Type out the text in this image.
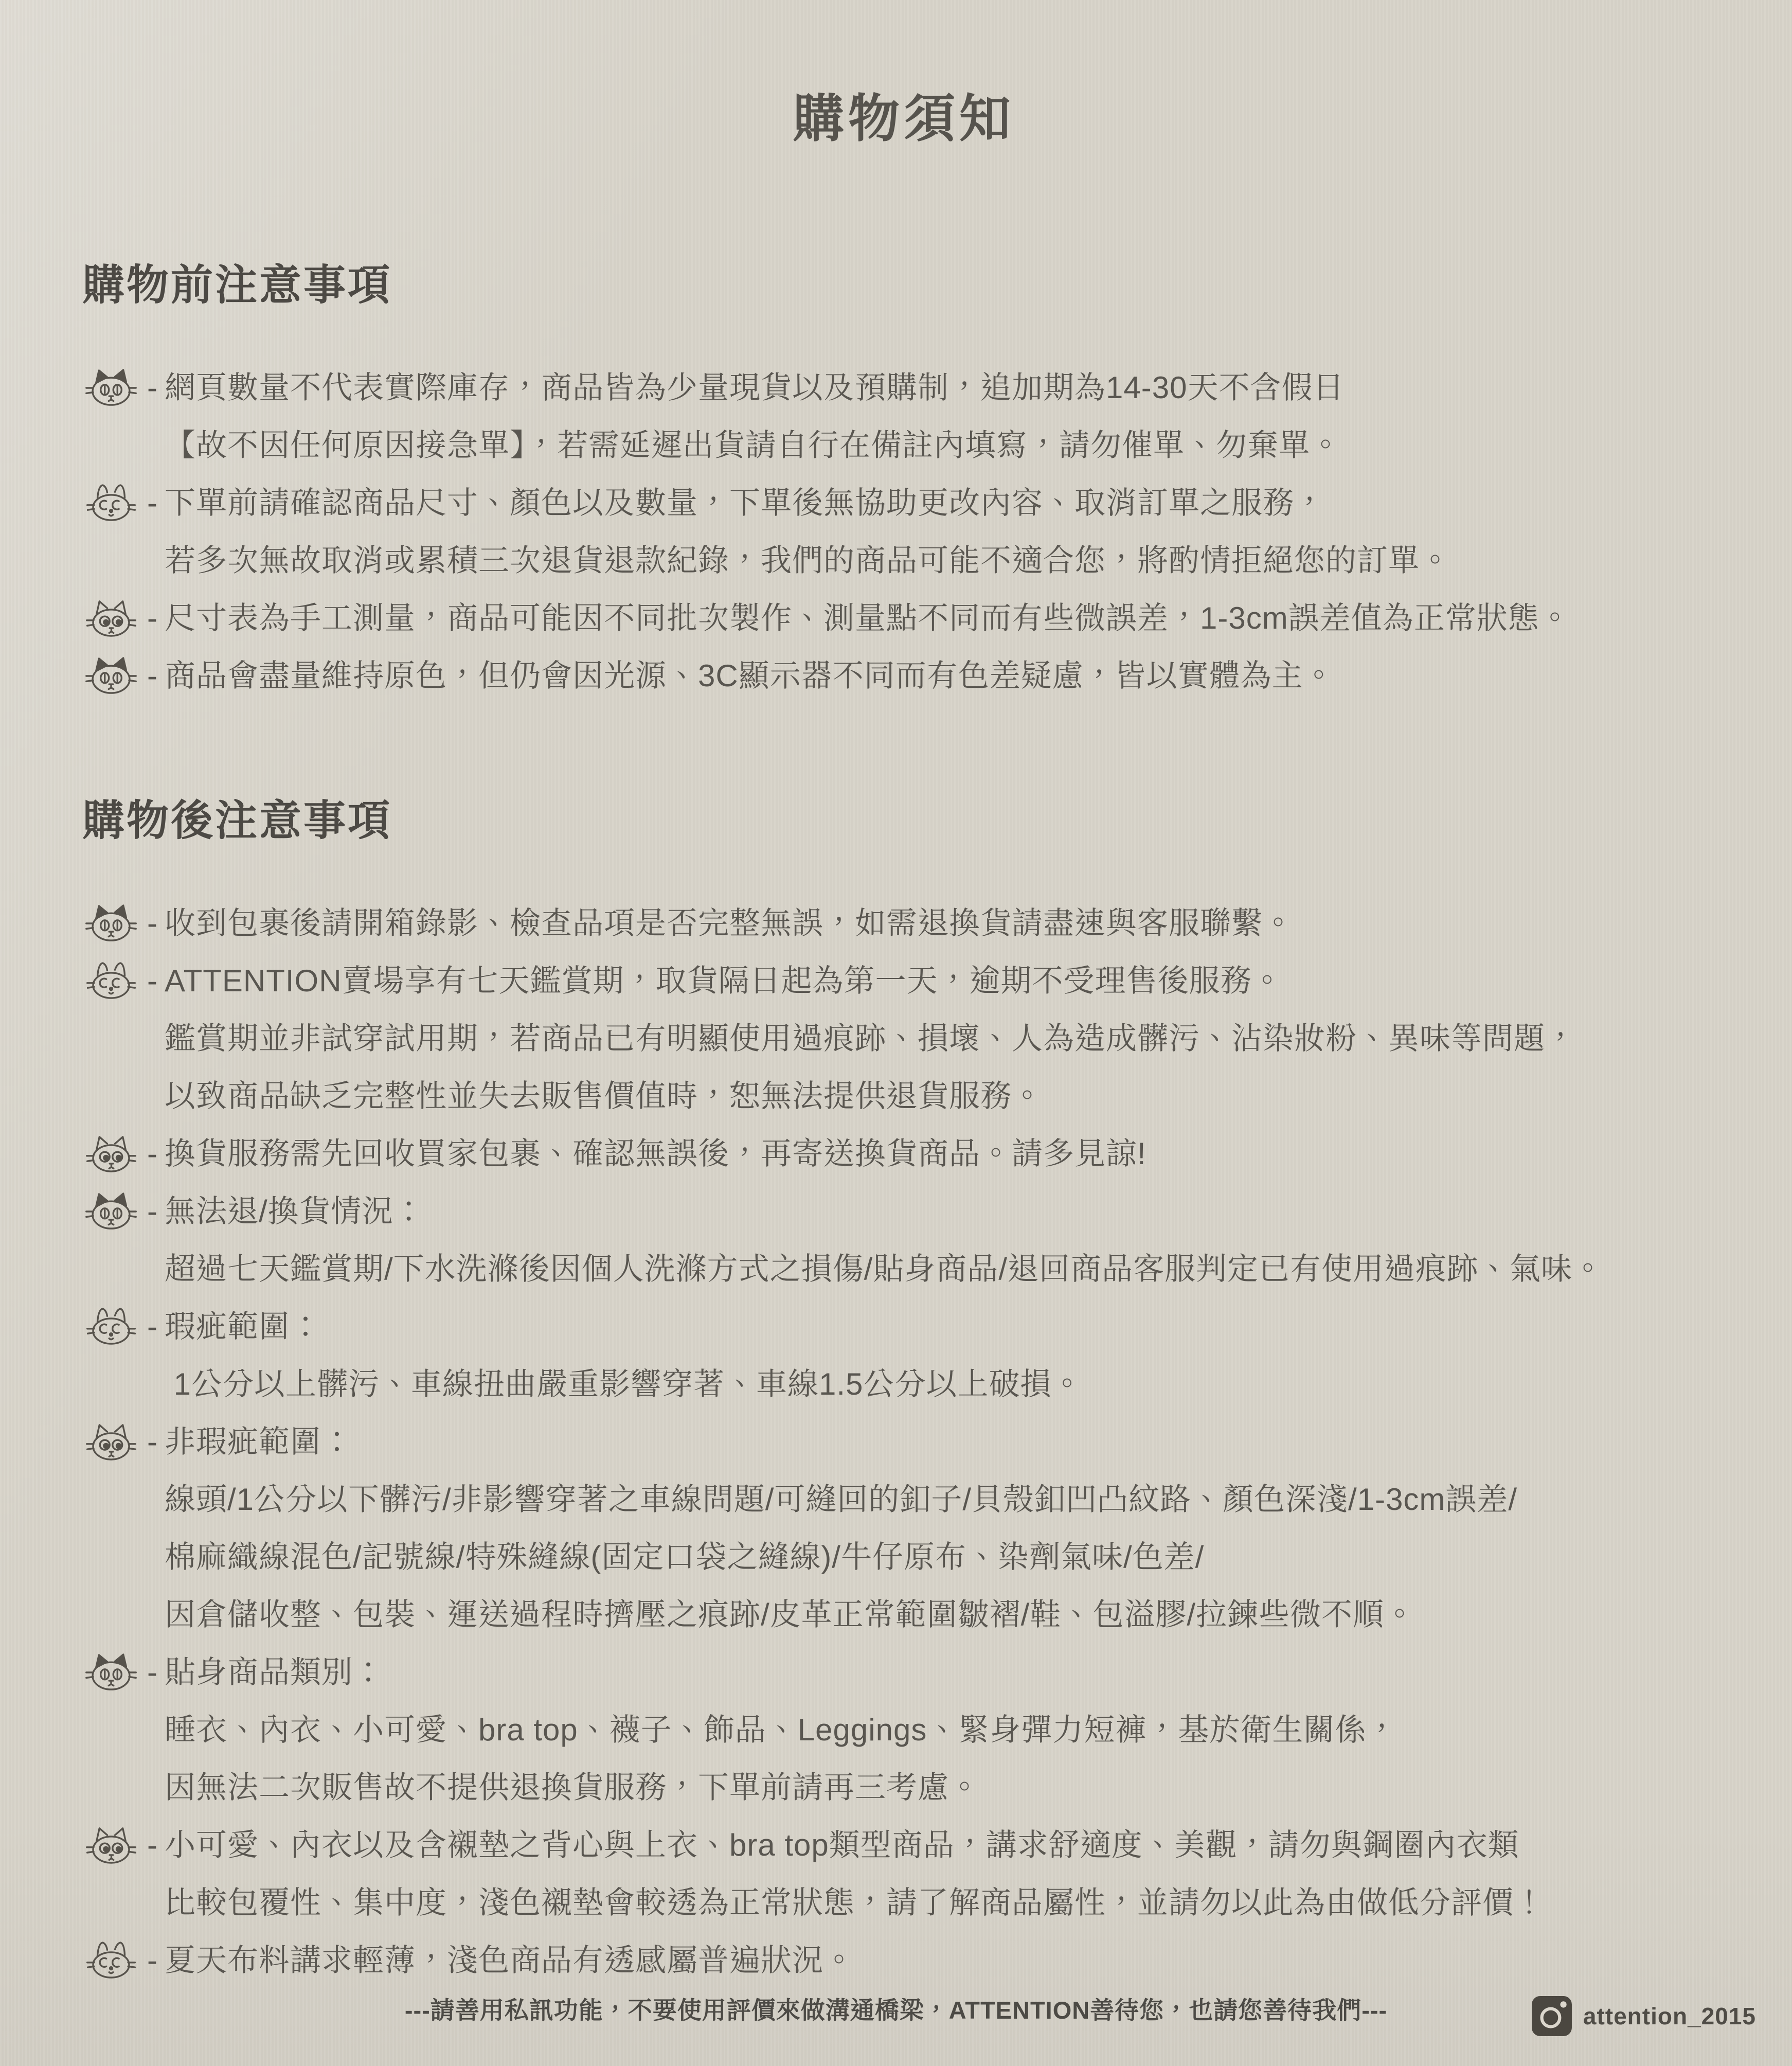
購物須知
購物前注意事項
- 網頁數量不代表實際庫存，商品皆為少量現貨以及預購制，追加期為14-30天不含假日
【故不因任何原因接急單】，若需延遲出貨請自行在備註內填寫，請勿催單、勿棄單。
- 下單前請確認商品尺寸、顏色以及數量，下單後無協助更改內容、取消訂單之服務，
若多次無故取消或累積三次退貨退款紀錄，我們的商品可能不適合您，將酌情拒絕您的訂單。
- 尺寸表為手工測量，商品可能因不同批次製作、測量點不同而有些微誤差，1-3cm誤差值為正常狀態。
- 商品會盡量維持原色，但仍會因光源、3C顯示器不同而有色差疑慮，皆以實體為主。
購物後注意事項
- 收到包裹後請開箱錄影、檢查品項是否完整無誤，如需退換貨請盡速與客服聯繫。
- ATTENTION賣場享有七天鑑賞期，取貨隔日起為第一天，逾期不受理售後服務。
鑑賞期並非試穿試用期，若商品已有明顯使用過痕跡、損壞、人為造成髒污、沾染妝粉、異味等問題，
以致商品缺乏完整性並失去販售價值時，恕無法提供退貨服務。
- 換貨服務需先回收買家包裹、確認無誤後，再寄送換貨商品。請多見諒!
- 無法退/換貨情況：
超過七天鑑賞期/下水洗滌後因個人洗滌方式之損傷/貼身商品/退回商品客服判定已有使用過痕跡、氣味。
- 瑕疵範圍：
1公分以上髒污、車線扭曲嚴重影響穿著、車線1.5公分以上破損。
- 非瑕疵範圍：
線頭/1公分以下髒污/非影響穿著之車線問題/可縫回的釦子/貝殼釦凹凸紋路、顏色深淺/1-3cm誤差/
棉麻織線混色/記號線/特殊縫線(固定口袋之縫線)/牛仔原布、染劑氣味/色差/
因倉儲收整、包裝、運送過程時擠壓之痕跡/皮革正常範圍皺褶/鞋、包溢膠/拉鍊些微不順。
- 貼身商品類別：
睡衣、內衣、小可愛、bra top、襪子、飾品、Leggings、緊身彈力短褲，基於衛生關係，
因無法二次販售故不提供退換貨服務，下單前請再三考慮。
- 小可愛、內衣以及含襯墊之背心與上衣、bra top類型商品，講求舒適度、美觀，請勿與鋼圈內衣類
比較包覆性、集中度，淺色襯墊會較透為正常狀態，請了解商品屬性，並請勿以此為由做低分評價！
- 夏天布料講求輕薄，淺色商品有透感屬普遍狀況。
---請善用私訊功能，不要使用評價來做溝通橋梁，ATTENTION善待您，也請您善待我們---	attention_2015
